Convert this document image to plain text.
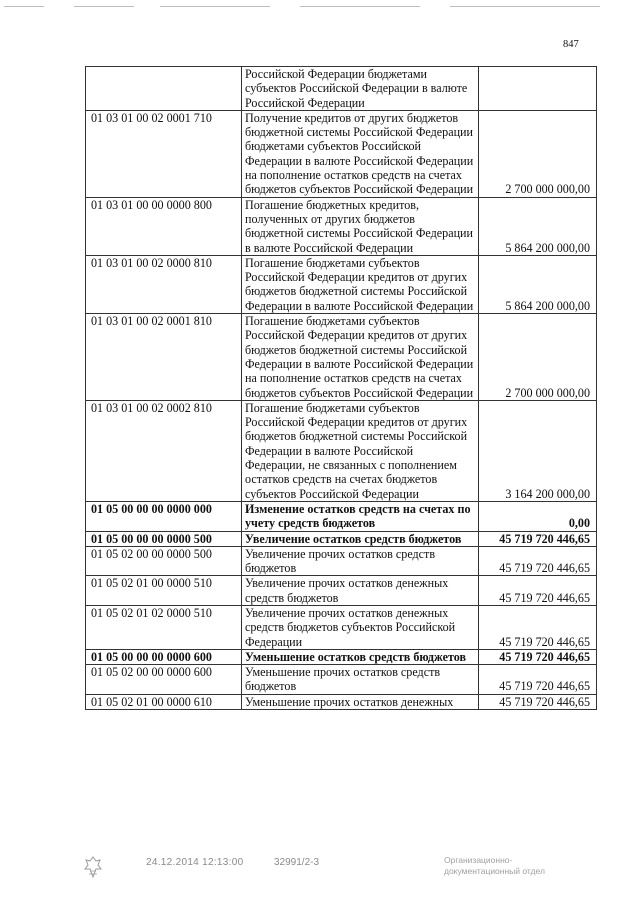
847
	Российской Федерации бюджетами субъектов Российской Федерации в валюте Российской Федерации	
01 03 01 00 02 0001 710	Получение кредитов от других бюджетов бюджетной системы Российской Федерации бюджетами субъектов Российской Федерации в валюте Российской Федерации на пополнение остатков средств на счетах бюджетов субъектов Российской Федерации	2 700 000 000,00
01 03 01 00 00 0000 800	Погашение бюджетных кредитов, полученных от других бюджетов бюджетной системы Российской Федерации в валюте Российской Федерации	5 864 200 000,00
01 03 01 00 02 0000 810	Погашение бюджетами субъектов Российской Федерации кредитов от других бюджетов бюджетной системы Российской Федерации в валюте Российской Федерации	5 864 200 000,00
01 03 01 00 02 0001 810	Погашение бюджетами субъектов Российской Федерации кредитов от других бюджетов бюджетной системы Российской Федерации в валюте Российской Федерации на пополнение остатков средств на счетах бюджетов субъектов Российской Федерации	2 700 000 000,00
01 03 01 00 02 0002 810	Погашение бюджетами субъектов Российской Федерации кредитов от других бюджетов бюджетной системы Российской Федерации в валюте Российской Федерации, не связанных с пополнением остатков средств на счетах бюджетов субъектов Российской Федерации	3 164 200 000,00
01 05 00 00 00 0000 000	Изменение остатков средств на счетах по учету средств бюджетов	0,00
01 05 00 00 00 0000 500	Увеличение остатков средств бюджетов	45 719 720 446,65
01 05 02 00 00 0000 500	Увеличение прочих остатков средств бюджетов	45 719 720 446,65
01 05 02 01 00 0000 510	Увеличение прочих остатков денежных средств бюджетов	45 719 720 446,65
01 05 02 01 02 0000 510	Увеличение прочих остатков денежных средств бюджетов субъектов Российской Федерации	45 719 720 446,65
01 05 00 00 00 0000 600	Уменьшение остатков средств бюджетов	45 719 720 446,65
01 05 02 00 00 0000 600	Уменьшение прочих остатков средств бюджетов	45 719 720 446,65
01 05 02 01 00 0000 610	Уменьшение прочих остатков денежных	45 719 720 446,65
24.12.2014 12:13:00	32991/2-3	Организационно-
документационный отдел
